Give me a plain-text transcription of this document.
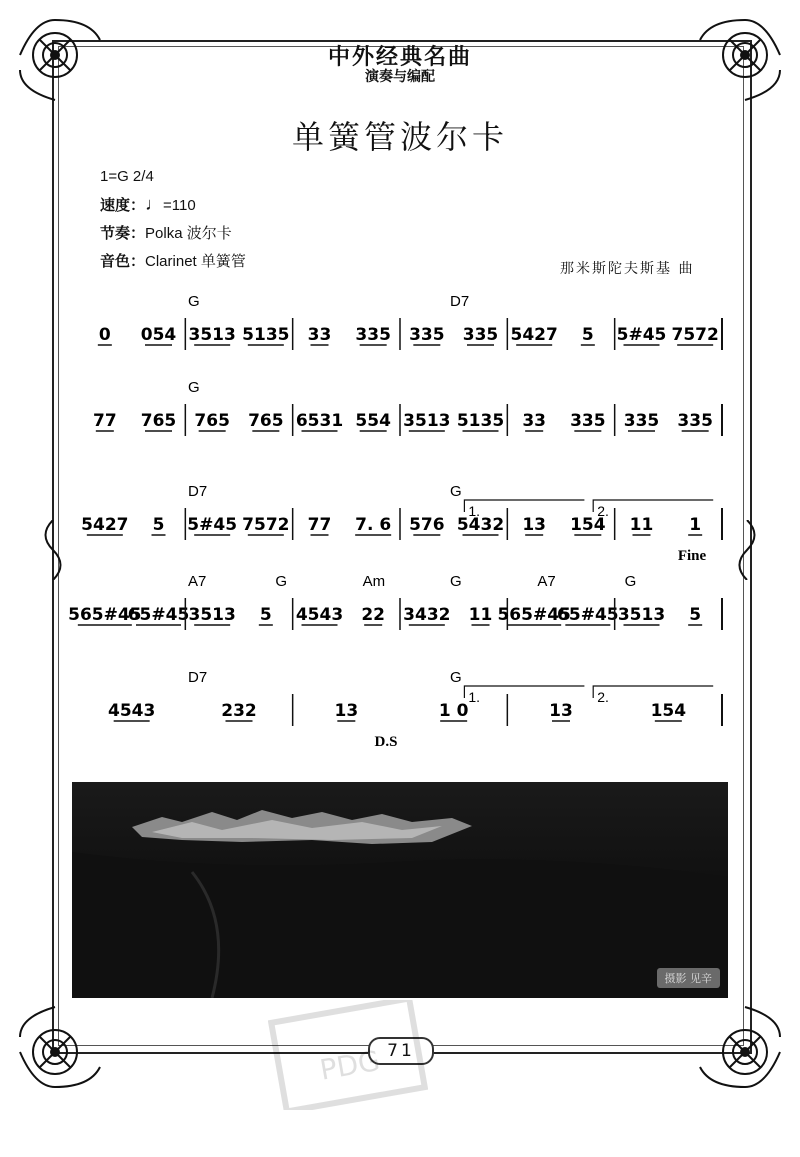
中外经典名曲
演奏与编配
单簧管波尔卡
1=G 2/4
速度：♩=110
节奏：Polka 波尔卡
音色：Clarinet 单簧管	那米斯陀夫斯基 曲
G	D7
0 054 3513 5135 33 335 335 335 5427 5 5#45 7572
G
77 765 765 765 6531 554 3513 5135 33 335 335 335
D7	G
5427 5 5#45 7572 77 7. 6 576 5432 13 154 11 1
1.	2.
Fine
A7	G	Am	G	A7	G
565#45
65#45 3513 5 4543 22 3432 11 565#45
65#45 3513 5
D7	G
4543	232	13	1 0	13	154
1.	2.
D.S
摄影 见辛
71
PDG
